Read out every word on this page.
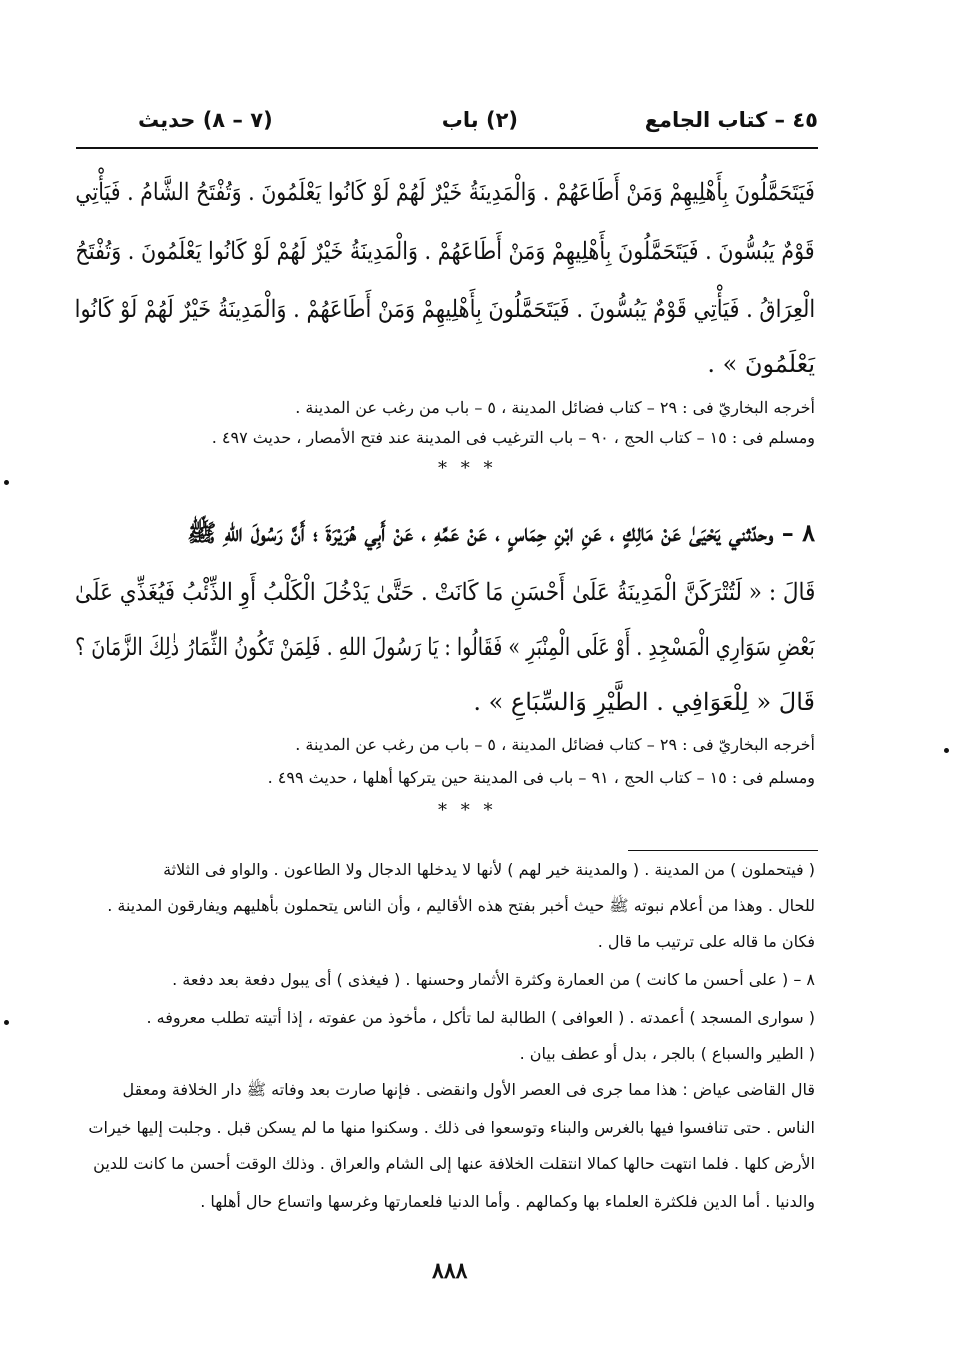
٤٥ – كتاب الجامع
(٢) باب
(٧ – ٨) حديث
فَيَتَحَمَّلُونَ بِأَهْلِيهِمْ وَمَنْ أَطَاعَهُمْ . وَالْمَدِينَةُ خَيْرٌ لَهُمْ لَوْ كَانُوا يَعْلَمُونَ . وَتُفْتَحُ الشَّامُ . فَيَأْتِي
قَوْمٌ يَبُسُّونَ . فَيَتَحَمَّلُونَ بِأَهْلِيهِمْ وَمَنْ أَطَاعَهُمْ . وَالْمَدِينَةُ خَيْرٌ لَهُمْ لَوْ كَانُوا يَعْلَمُونَ . وَتُفْتَحُ
الْعِرَاقُ . فَيَأْتِي قَوْمٌ يَبُسُّونَ . فَيَتَحَمَّلُونَ بِأَهْلِيهِمْ وَمَنْ أَطَاعَهُمْ . وَالْمَدِينَةُ خَيْرٌ لَهُمْ لَوْ كَانُوا
يَعْلَمُونَ » .
أخرجه البخاريّ فى : ٢٩ – كتاب فضائل المدينة ، ٥ – باب من رغب عن المدينة .
ومسلم فى : ١٥ – كتاب الحج ، ٩٠ – باب الترغيب فى المدينة عند فتح الأمصار ، حديث ٤٩٧ .
* * *
٨ – وحدّثني يَحْيَىٰ عَنْ مَالِكٍ ، عَنِ ابْنِ حِمَاسٍ ، عَنْ عَمِّهِ ، عَنْ أَبِي هُرَيْرَةَ ؛ أَنَّ رَسُولَ اللهِ ﷺ
قَالَ : « لَتُتْرَكَنَّ الْمَدِينَةُ عَلَىٰ أَحْسَنِ مَا كَانَتْ . حَتَّىٰ يَدْخُلَ الْكَلْبُ أَوِ الذِّئْبُ فَيُغَذِّي عَلَىٰ
بَعْضِ سَوَارِي الْمَسْجِدِ . أَوْ عَلَى الْمِنْبَرِ » فَقَالُوا : يَا رَسُولَ اللهِ . فَلِمَنْ تَكُونُ الثِّمَارُ ذٰلِكَ الزَّمَانَ ؟
قَالَ « لِلْعَوَافِي . الطَّيْرِ وَالسِّبَاعِ » .
أخرجه البخاريّ فى : ٢٩ – كتاب فضائل المدينة ، ٥ – باب من رغب عن المدينة .
ومسلم فى : ١٥ – كتاب الحج ، ٩١ – باب فى المدينة حين يتركها أهلها ، حديث ٤٩٩ .
* * *
( فيتحملون ) من المدينة . ( والمدينة خير لهم ) لأنها لا يدخلها الدجال ولا الطاعون . والواو فى الثلاثة
للحال . وهذا من أعلام نبوته ﷺ حيث أخبر بفتح هذه الأقاليم ، وأن الناس يتحملون بأهليهم ويفارقون المدينة .
فكان ما قاله على ترتيب ما قال .
٨ – ( على أحسن ما كانت ) من العمارة وكثرة الأثمار وحسنها . ( فيغذى ) أى يبول دفعة بعد دفعة .
( سوارى المسجد ) أعمدته . ( العوافى ) الطالبة لما تأكل ، مأخوذ من عفوته ، إذا أتيته تطلب معروفه .
( الطير والسباع ) بالجر ، بدل أو عطف بيان .
قال القاضى عياض : هذا مما جرى فى العصر الأول وانقضى . فإنها صارت بعد وفاته ﷺ دار الخلافة ومعقل
الناس . حتى تنافسوا فيها بالغرس والبناء وتوسعوا فى ذلك . وسكنوا منها ما لم يسكن قبل . وجلبت إليها خيرات
الأرض كلها . فلما انتهت حالها كمالا انتقلت الخلافة عنها إلى الشام والعراق . وذلك الوقت أحسن ما كانت للدين
والدنيا . أما الدين فلكثرة العلماء بها وكمالهم . وأما الدنيا فلعمارتها وغرسها واتساع حال أهلها .
٨٨٨
